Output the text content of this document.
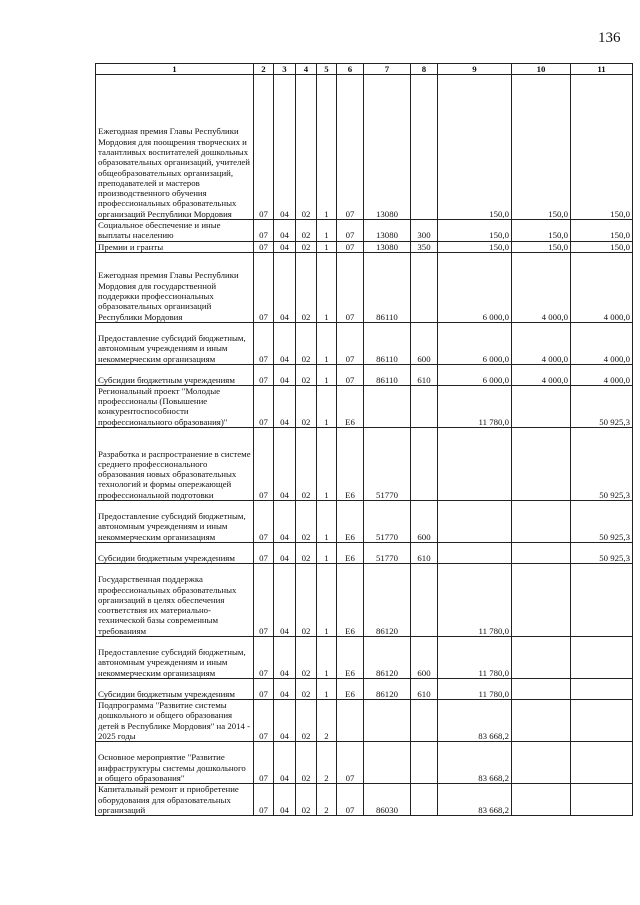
136
1	2	3	4	5	6	7	8	9	10	11
Ежегодная премия Главы Республики Мордовия для поощрения творческих и талантливых воспитателей дошкольных образовательных организаций, учителей общеобразовательных организаций, преподавателей и мастеров производственного обучения профессиональных образовательных организаций Республики Мордовия	07	04	02	1	07	13080		150,0	150,0	150,0
Социальное обеспечение и иные выплаты населению	07	04	02	1	07	13080	300	150,0	150,0	150,0
Премии и гранты	07	04	02	1	07	13080	350	150,0	150,0	150,0
Ежегодная премия Главы Республики Мордовия для государственной поддержки профессиональных образовательных организаций Республики Мордовия	07	04	02	1	07	86110		6 000,0	4 000,0	4 000,0
Предоставление субсидий бюджетным, автономным учреждениям и иным некоммерческим организациям	07	04	02	1	07	86110	600	6 000,0	4 000,0	4 000,0
Субсидии бюджетным учреждениям	07	04	02	1	07	86110	610	6 000,0	4 000,0	4 000,0
Региональный проект "Молодые профессионалы (Повышение конкурентоспособности профессионального образования)"	07	04	02	1	E6			11 780,0		50 925,3
Разработка и распространение в системе среднего профессионального образования новых образовательных технологий и формы опережающей профессиональной подготовки	07	04	02	1	E6	51770				50 925,3
Предоставление субсидий бюджетным, автономным учреждениям и иным некоммерческим организациям	07	04	02	1	E6	51770	600			50 925,3
Субсидии бюджетным учреждениям	07	04	02	1	E6	51770	610			50 925,3
Государственная поддержка профессиональных образовательных организаций в целях обеспечения соответствия их материально-технической базы современным требованиям	07	04	02	1	E6	86120		11 780,0		
Предоставление субсидий бюджетным, автономным учреждениям и иным некоммерческим организациям	07	04	02	1	E6	86120	600	11 780,0		
Субсидии бюджетным учреждениям	07	04	02	1	E6	86120	610	11 780,0		
Подпрограмма "Развитие системы дошкольного и общего образования детей в Республике Мордовия" на 2014 - 2025 годы	07	04	02	2				83 668,2		
Основное мероприятие "Развитие инфраструктуры системы дошкольного и общего образования"	07	04	02	2	07			83 668,2		
Капитальный ремонт и приобретение оборудования для образовательных организаций	07	04	02	2	07	86030		83 668,2		
